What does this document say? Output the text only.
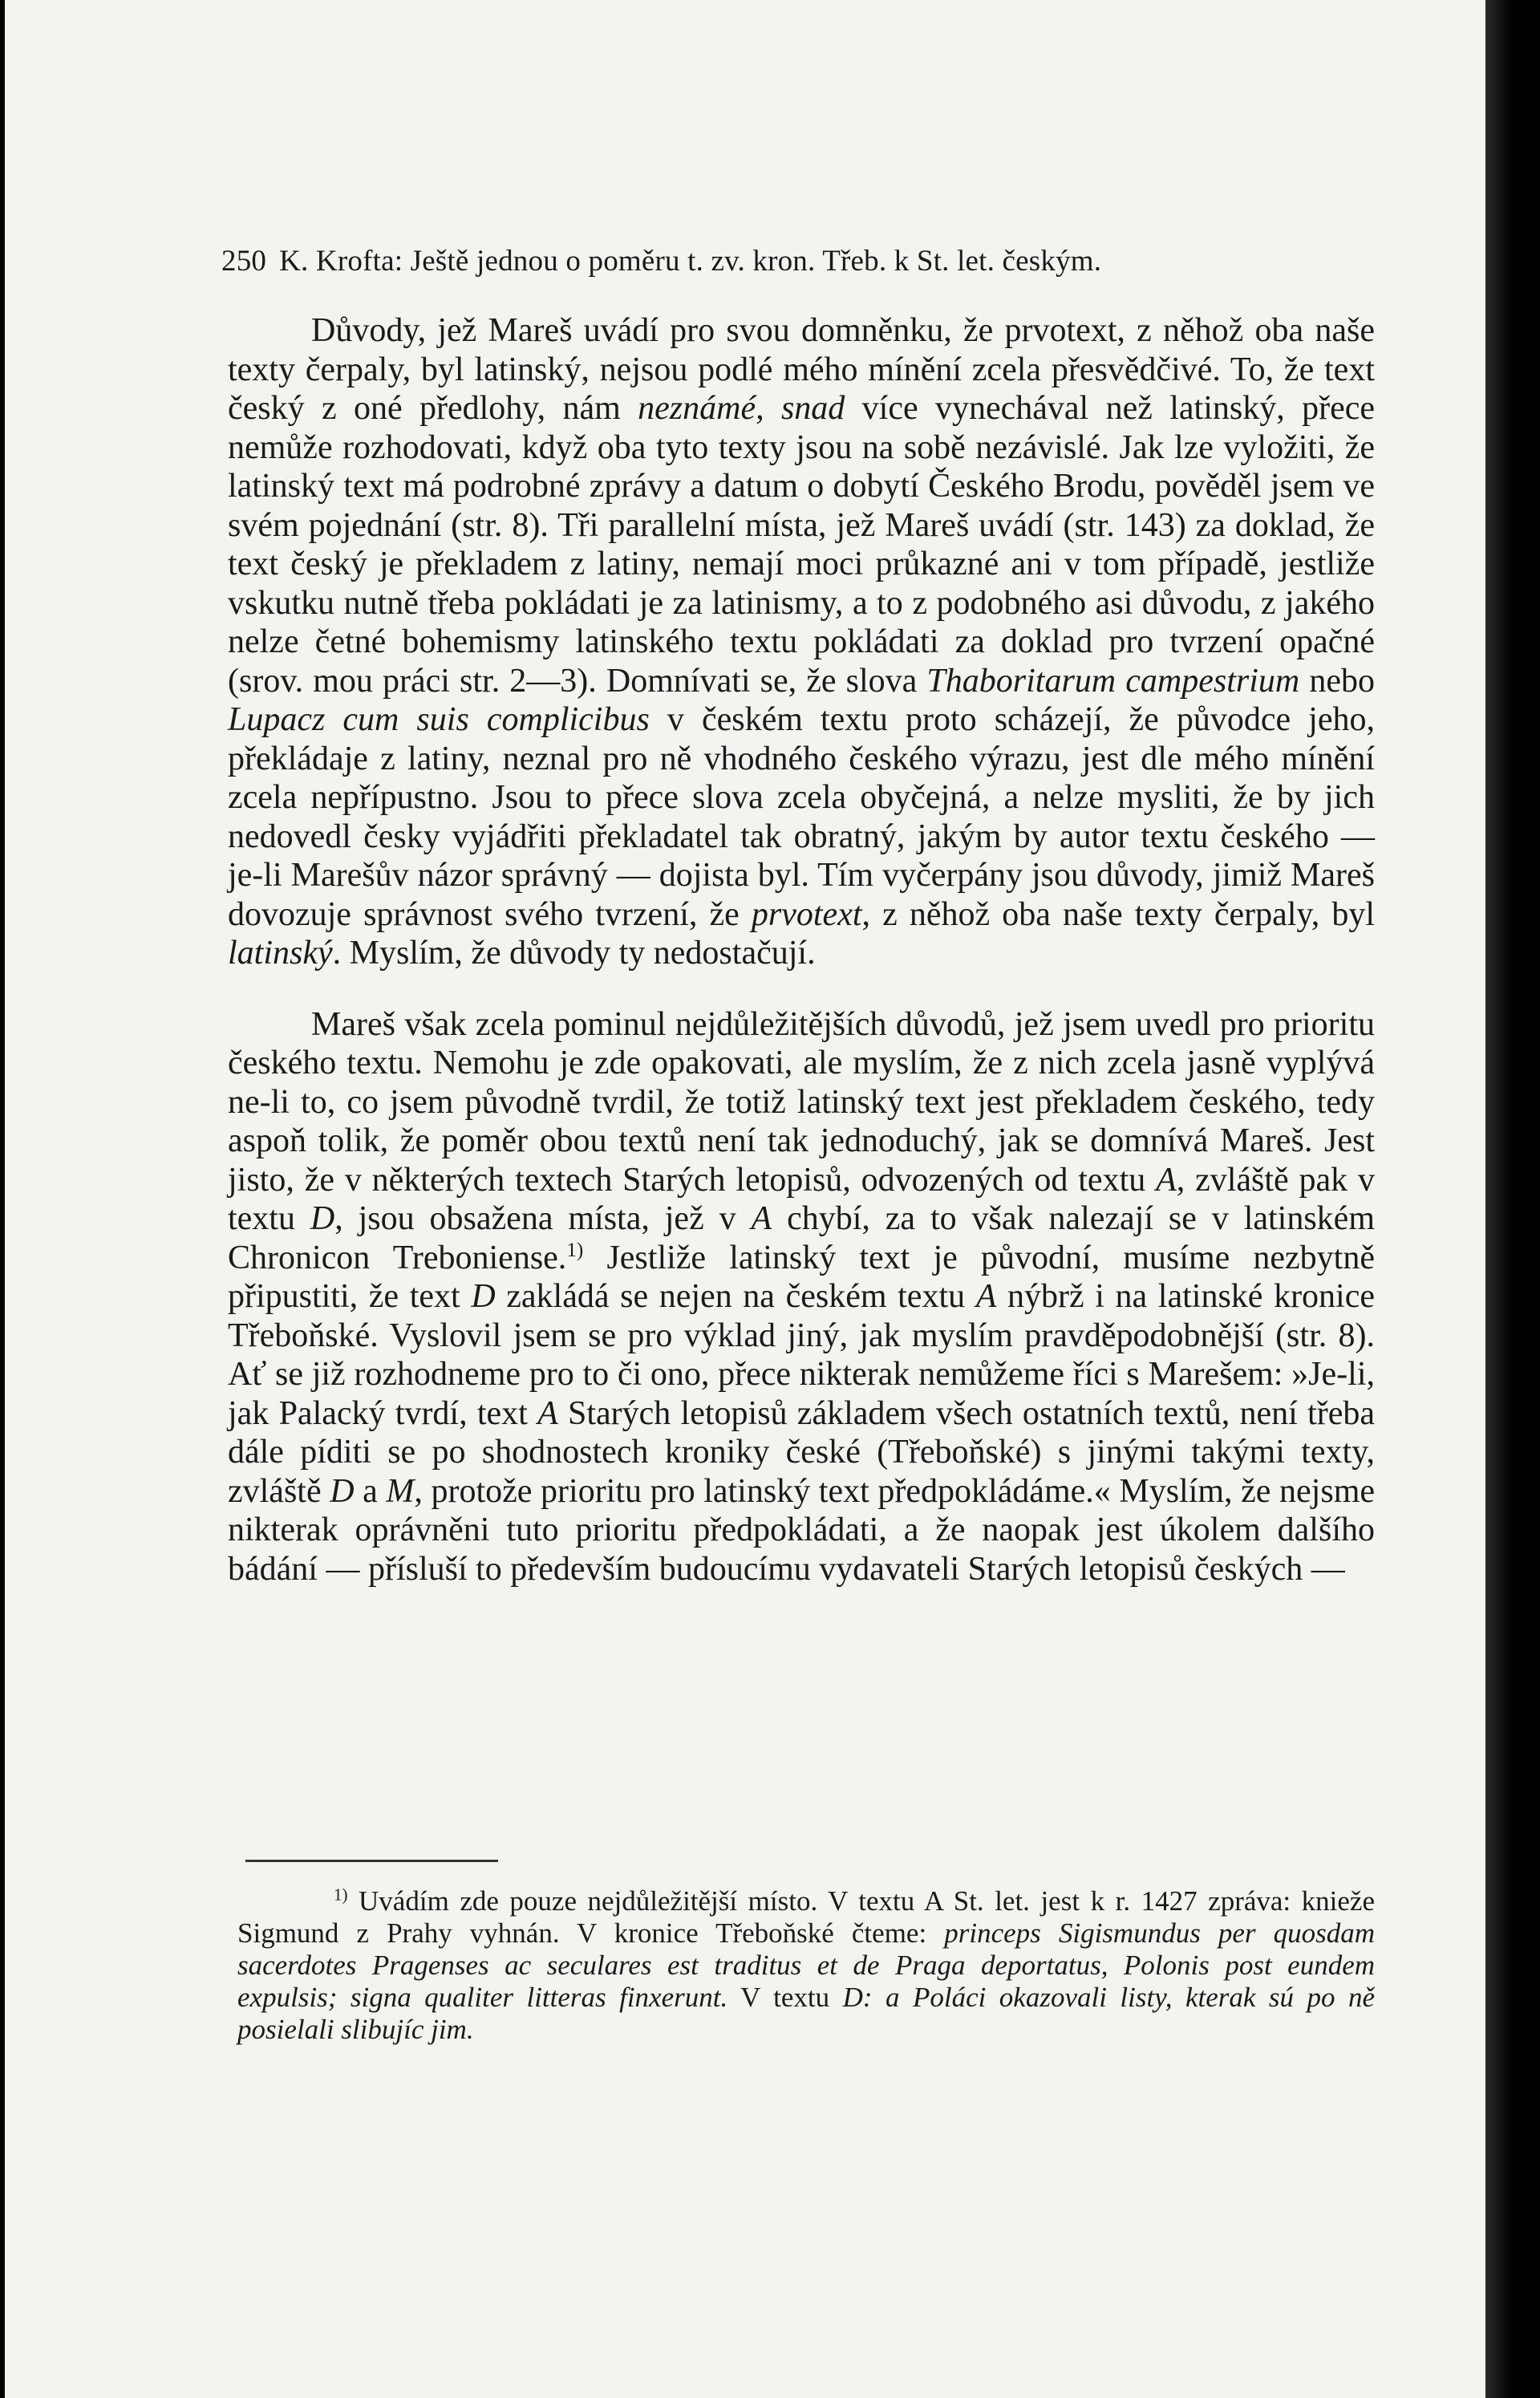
250 K. Krofta: Ještě jednou o poměru t. zv. kron. Třeb. k St. let. českým.

Důvody, jež Mareš uvádí pro svou domněnku, že prvotext, z něhož oba naše texty čerpaly, byl latinský, nejsou podlé mého mínění zcela přesvědčivé. To, že text český z oné předlohy, nám neznámé, snad více vynechával než latinský, přece nemůže rozhodovati, když oba tyto texty jsou na sobě nezávislé. Jak lze vyložiti, že latinský text má podrobné zprávy a datum o dobytí Českého Brodu, pověděl jsem ve svém pojednání (str. 8). Tři parallelní místa, jež Mareš uvádí (str. 143) za doklad, že text český je překladem z latiny, nemají moci průkazné ani v tom případě, jestliže vskutku nutně třeba pokládati je za latinismy, a to z podobného asi důvodu, z jakého nelze četné bohemismy latinského textu pokládati za doklad pro tvrzení opačné (srov. mou práci str. 2—3). Domnívati se, že slova Thaboritarum campestrium nebo Lupacz cum suis complicibus v českém textu proto scházejí, že původce jeho, překládaje z latiny, neznal pro ně vhodného českého výrazu, jest dle mého mínění zcela nepřípustno. Jsou to přece slova zcela obyčejná, a nelze mysliti, že by jich nedovedl česky vyjádřiti překladatel tak obratný, jakým by autor textu českého — je-li Marešův názor správný — dojista byl. Tím vyčerpány jsou důvody, jimiž Mareš dovozuje správnost svého tvrzení, že prvotext, z něhož oba naše texty čerpaly, byl latinský. Myslím, že důvody ty nedostačují.

Mareš však zcela pominul nejdůležitějších důvodů, jež jsem uvedl pro prioritu českého textu. Nemohu je zde opakovati, ale myslím, že z nich zcela jasně vyplývá ne-li to, co jsem původně tvrdil, že totiž latinský text jest překladem českého, tedy aspoň tolik, že poměr obou textů není tak jednoduchý, jak se domnívá Mareš. Jest jisto, že v některých textech Starých letopisů, odvozených od textu A, zvláště pak v textu D, jsou obsažena místa, jež v A chybí, za to však nalezají se v latinském Chronicon Treboniense.$^{1)}$ Jestliže latinský text je původní, musíme nezbytně připustiti, že text D zakládá se nejen na českém textu A nýbrž i na latinské kronice Třeboňské. Vyslovil jsem se pro výklad jiný, jak myslím pravděpodobnější (str. 8). Ať se již rozhodneme pro to či ono, přece nikterak nemůžeme říci s Marešem: »Je-li, jak Palacký tvrdí, text A Starých letopisů základem všech ostatních textů, není třeba dále píditi se po shodnostech kroniky české (Třeboňské) s jinými takými texty, zvláště D a M, protože prioritu pro latinský text předpokládáme.« Myslím, že nejsme nikterak oprávněni tuto prioritu předpokládati, a že naopak jest úkolem dalšího bádání — přísluší to především budoucímu vydavateli Starých letopisů českých —

$^{1)}$ Uvádím zde pouze nejdůležitější místo. V textu A St. let. jest k r. 1427 zpráva: knieže Sigmund z Prahy vyhnán. V kronice Třeboňské čteme: princeps Sigismundus per quosdam sacerdotes Pragenses ac seculares est traditus et de Praga deportatus, Polonis post eundem expulsis; signa qualiter litteras finxerunt. V textu D: a Poláci okazovali listy, kterak sú po ně posielali slibujíc jim.
